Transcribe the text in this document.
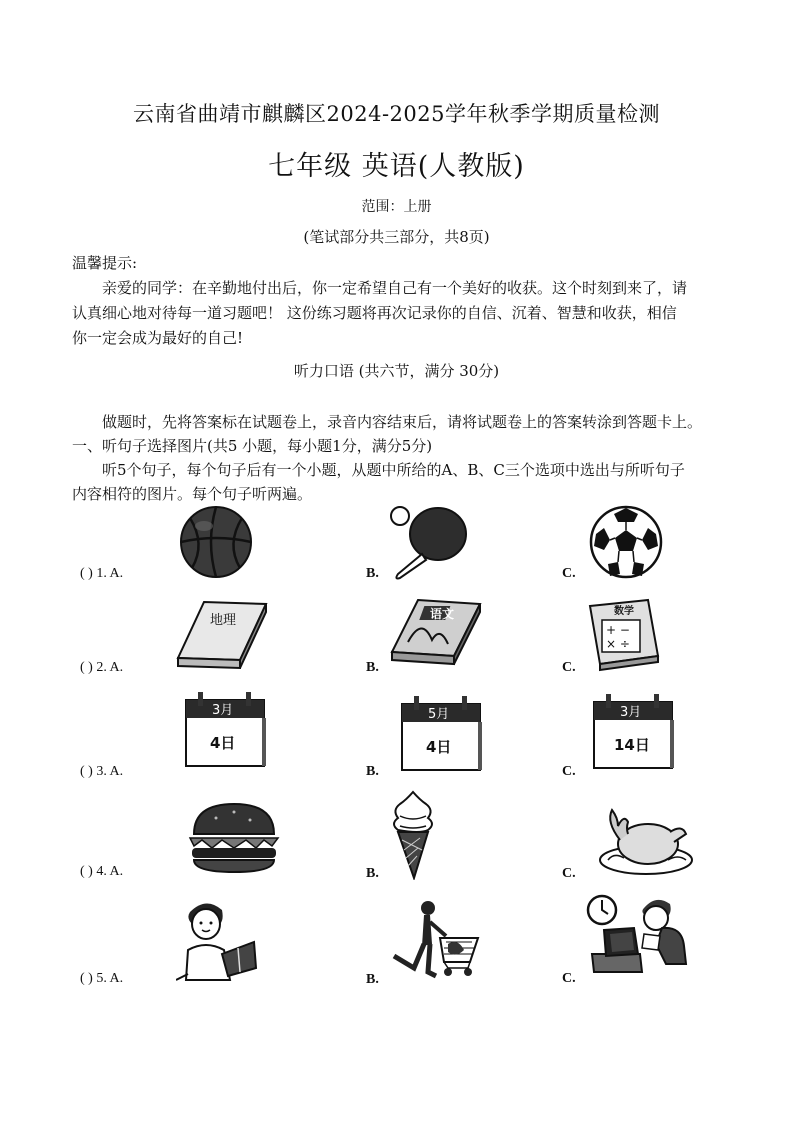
云南省曲靖市麒麟区2024-2025学年秋季学期质量检测
七年级 英语(人教版)
范围：上册
(笔试部分共三部分，共8页)
温馨提示:
亲爱的同学：在辛勤地付出后，你一定希望自己有一个美好的收获。这个时刻到来了，请
认真细心地对待每一道习题吧！ 这份练习题将再次记录你的自信、沉着、智慧和收获，相信
你一定会成为最好的自己!
听力口语 (共六节，满分 30分)
做题时，先将答案标在试题卷上，录音内容结束后，请将试题卷上的答案转涂到答题卡上。
一、听句子选择图片(共5 小题，每小题1分，满分5分)
听5个句子，每个句子后有一个小题，从题中所给的A、B、C三个选项中选出与所听句子
内容相符的图片。每个句子听两遍。
( ) 1. A.	B.	C.
( ) 2. A.	B.	C.
地理	语文	数学
+ −
× ÷
( ) 3. A.	B.	C.
3月
4日
5月
4日
3月
14日
( ) 4. A.	B.	C.
( ) 5. A.	B.	C.
